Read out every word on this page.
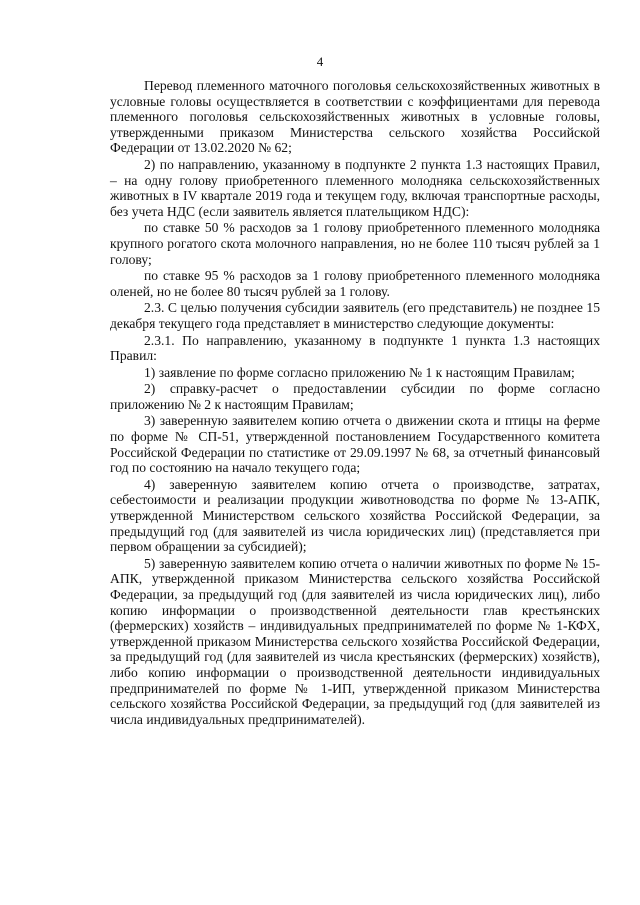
4

Перевод племенного маточного поголовья сельскохозяйственных животных в условные головы осуществляется в соответствии с коэффициентами для перевода племенного поголовья сельскохозяйственных животных в условные головы, утвержденными приказом Министерства сельского хозяйства Российской Федерации от 13.02.2020 № 62;

2) по направлению, указанному в подпункте 2 пункта 1.3 настоящих Правил, – на одну голову приобретенного племенного молодняка сельскохозяйственных животных в IV квартале 2019 года и текущем году, включая транспортные расходы, без учета НДС (если заявитель является плательщиком НДС):

по ставке 50 % расходов за 1 голову приобретенного племенного молодняка крупного рогатого скота молочного направления, но не более 110 тысяч рублей за 1 голову;

по ставке 95 % расходов за 1 голову приобретенного племенного молодняка оленей, но не более 80 тысяч рублей за 1 голову.

2.3. С целью получения субсидии заявитель (его представитель) не позднее 15 декабря текущего года представляет в министерство следующие документы:

2.3.1. По направлению, указанному в подпункте 1 пункта 1.3 настоящих Правил:

1) заявление по форме согласно приложению № 1 к настоящим Правилам;

2) справку-расчет о предоставлении субсидии по форме согласно приложению № 2 к настоящим Правилам;

3) заверенную заявителем копию отчета о движении скота и птицы на ферме по форме № СП-51, утвержденной постановлением Государственного комитета Российской Федерации по статистике от 29.09.1997 № 68, за отчетный финансовый год по состоянию на начало текущего года;

4) заверенную заявителем копию отчета о производстве, затратах, себестоимости и реализации продукции животноводства по форме № 13-АПК, утвержденной Министерством сельского хозяйства Российской Федерации, за предыдущий год (для заявителей из числа юридических лиц) (представляется при первом обращении за субсидией);

5) заверенную заявителем копию отчета о наличии животных по форме № 15-АПК, утвержденной приказом Министерства сельского хозяйства Российской Федерации, за предыдущий год (для заявителей из числа юридических лиц), либо копию информации о производственной деятельности глав крестьянских (фермерских) хозяйств – индивидуальных предпринимателей по форме № 1-КФХ, утвержденной приказом Министерства сельского хозяйства Российской Федерации, за предыдущий год (для заявителей из числа крестьянских (фермерских) хозяйств), либо копию информации о производственной деятельности индивидуальных предпринимателей по форме № 1-ИП, утвержденной приказом Министерства сельского хозяйства Российской Федерации, за предыдущий год (для заявителей из числа индивидуальных предпринимателей).
